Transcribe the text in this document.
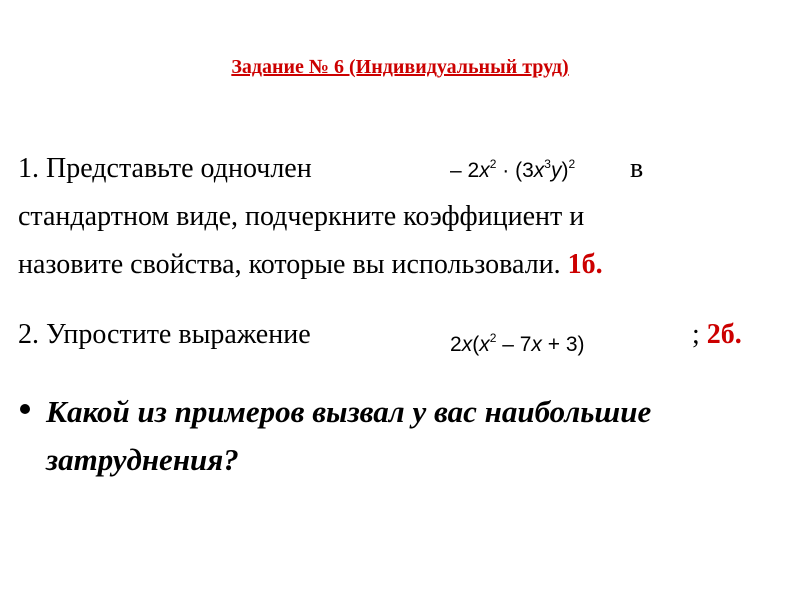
Задание № 6 (Индивидуальный труд)
1. Представьте одночлен	– $2x^2 \cdot (3x^3y)^2$ в
стандартном виде, подчеркните коэффициент и
назовите свойства, которые вы использовали. 1б.
2. Упростите выражение	$2x(x^2 - 7x + 3)$	; 2б.
Какой из примеров вызвал у вас наибольшие затруднения?
